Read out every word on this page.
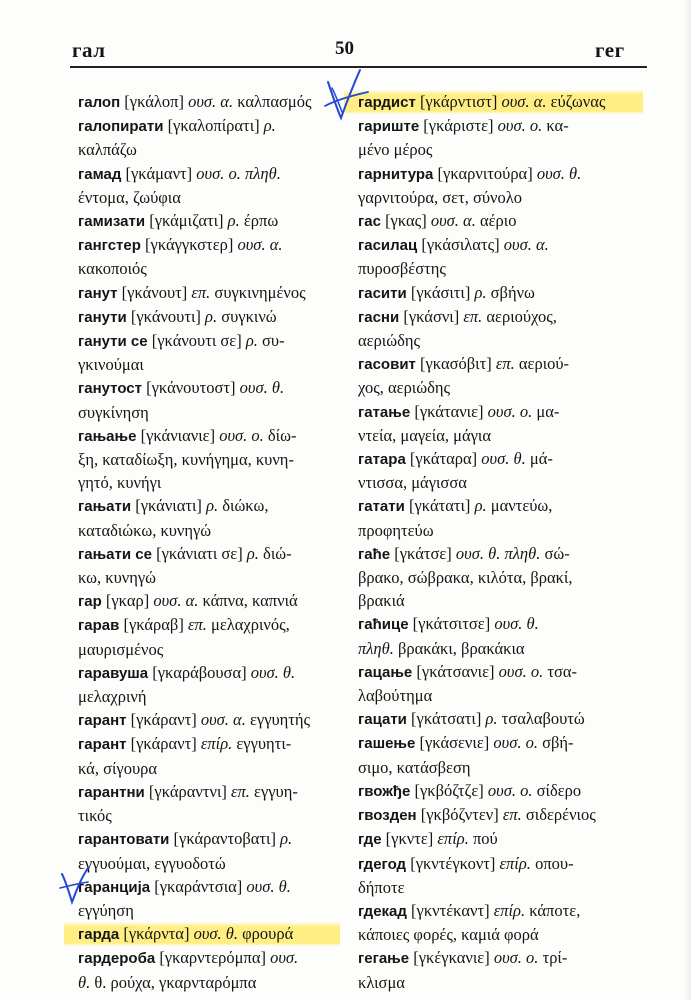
гал	50	гег
галоп [γκάλοπ] ουσ. α. καλπασμός
галопирати [γκαλοπίρατι] ρ.
καλπάζω
гамад [γκάμαντ] ουσ. ο. πληθ.
έντομα, ζωύφια
гамизати [γκάμιζατι] ρ. έρπω
гангстер [γκάγγκστερ] ουσ. α.
κακοποιός
ганут [γκάνουτ] επ. συγκινημένος
ганути [γκάνουτι] ρ. συγκινώ
ганути се [γκάνουτι σε] ρ. συ-
γκινούμαι
ганутост [γκάνουτοστ] ουσ. θ.
συγκίνηση
гањање [γκάνιανιε] ουσ. ο. δίω-
ξη, καταδίωξη, κυνήγημα, κυνη-
γητό, κυνήγι
гањати [γκάνιατι] ρ. διώκω,
καταδιώκω, κυνηγώ
гањати се [γκάνιατι σε] ρ. διώ-
κω, κυνηγώ
гар [γκαρ] ουσ. α. κάπνα, καπνιά
гарав [γκάραβ] επ. μελαχρινός,
μαυρισμένος
гаравуша [γκαράβουσα] ουσ. θ.
μελαχρινή
гарант [γκάραντ] ουσ. α. εγγυητής
гарант [γκάραντ] επίρ. εγγυητι-
κά, σίγουρα
гарантни [γκάραντνι] επ. εγγυη-
τικός
гарантовати [γκάραντοβατι] ρ.
εγγυούμαι, εγγυοδοτώ
гаранција [γκαράντσια] ουσ. θ.
εγγύηση
гарда [γκάρντα] ουσ. θ. φρουρά
гардероба [γκαρντερόμπα] ουσ.
θ. θ. ρούχα, γκαρνταρόμπα
гардист [γκάρντιστ] ουσ. α. εύζωνας
гариште [γκάριστε] ουσ. ο. κα-
μένο μέρος
гарнитура [γκαρνιτούρα] ουσ. θ.
γαρνιτούρα, σετ, σύνολο
гас [γκας] ουσ. α. αέριο
гасилац [γκάσιλατς] ουσ. α.
πυροσβέστης
гасити [γκάσιτι] ρ. σβήνω
гасни [γκάσνι] επ. αεριούχος,
αεριώδης
гасовит [γκασόβιτ] επ. αεριού-
χος, αεριώδης
гатање [γκάτανιε] ουσ. ο. μα-
ντεία, μαγεία, μάγια
гатара [γκάταρα] ουσ. θ. μά-
ντισσα, μάγισσα
гатати [γκάτατι] ρ. μαντεύω,
προφητεύω
гаће [γκάτσε] ουσ. θ. πληθ. σώ-
βρακο, σώβρακα, κιλότα, βρακί,
βρακιά
гаћице [γκάτσιτσε] ουσ. θ.
πληθ. βρακάκι, βρακάκια
гацање [γκάτσανιε] ουσ. ο. τσα-
λαβούτημα
гацати [γκάτσατι] ρ. τσαλαβουτώ
гашење [γκάσενιε] ουσ. ο. σβή-
σιμο, κατάσβεση
гвожђе [γκβόζτζε] ουσ. ο. σίδερο
гвозден [γκβόζντεν] επ. σιδερένιος
где [γκντε] επίρ. πού
гдегод [γκντέγκοντ] επίρ. οπου-
δήποτε
гдекад [γκντέκαντ] επίρ. κάποτε,
κάποιες φορές, καμιά φορά
гегање [γκέγκανιε] ουσ. ο. τρί-
κλισμα
